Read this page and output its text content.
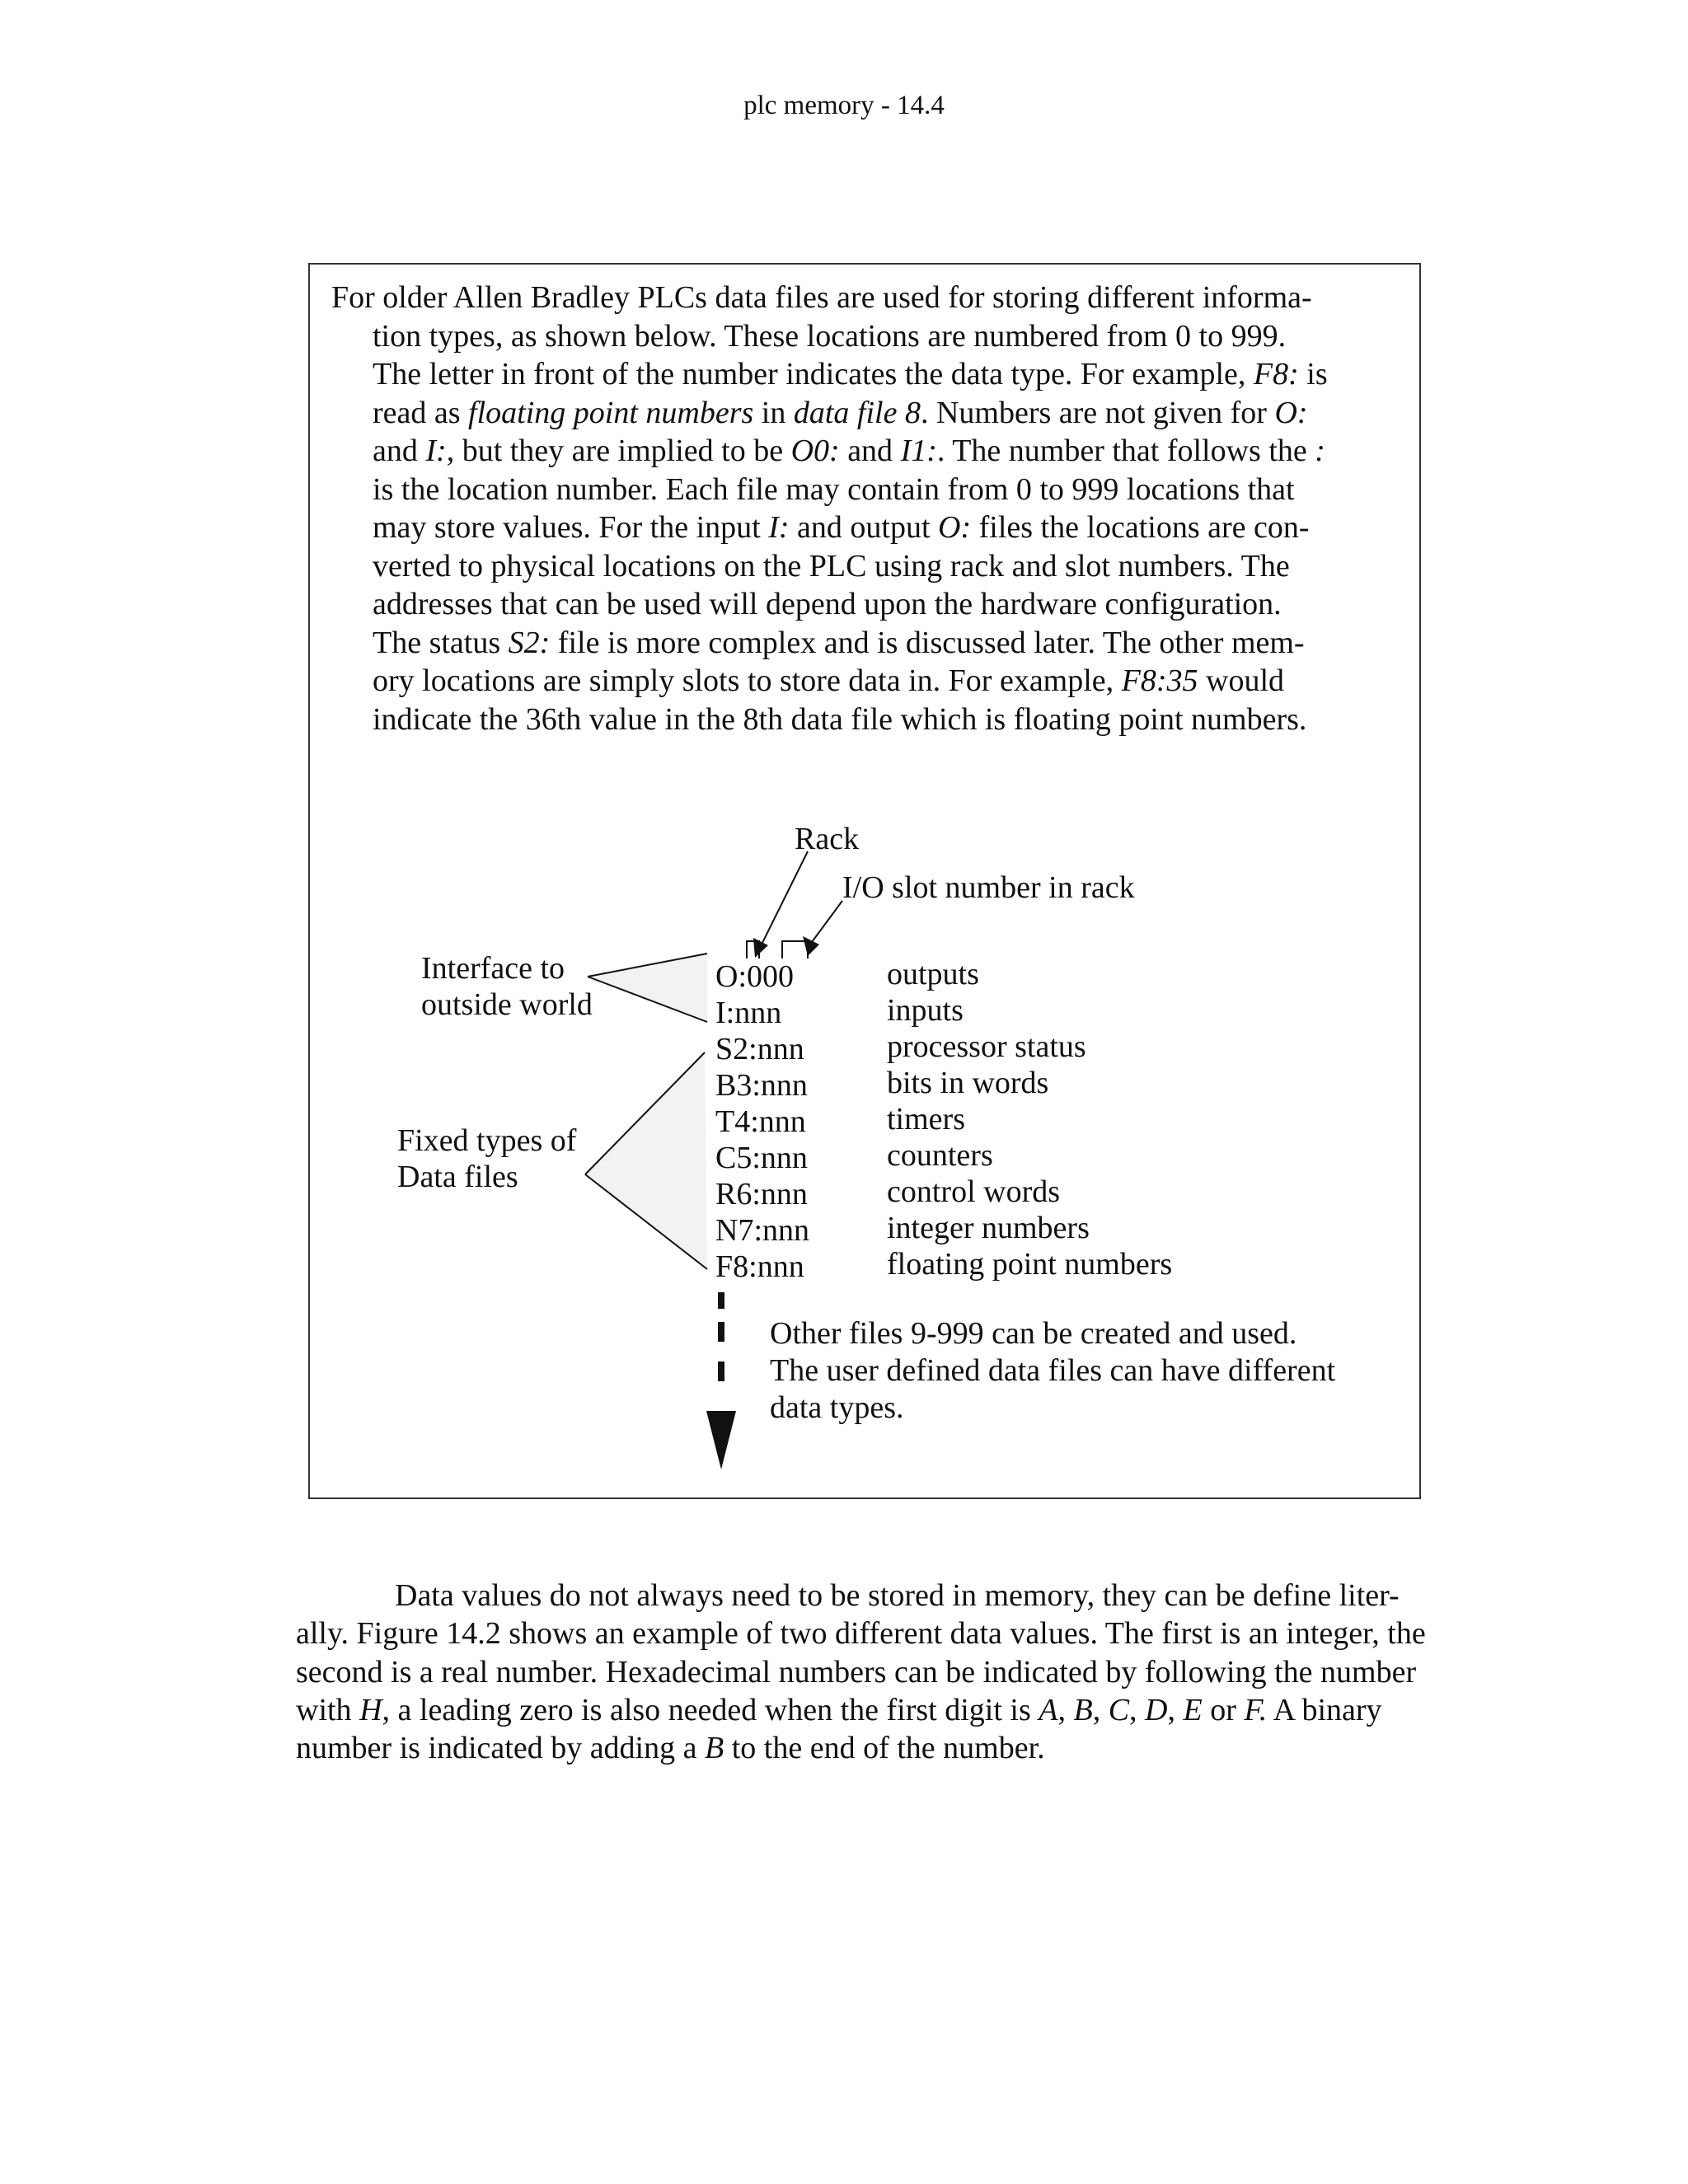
plc memory - 14.4
For older Allen Bradley PLCs data files are used for storing different informa-
tion types, as shown below. These locations are numbered from 0 to 999.
The letter in front of the number indicates the data type. For example, F8: is
read as floating point numbers in data file 8. Numbers are not given for O:
and I:, but they are implied to be O0: and I1:. The number that follows the :
is the location number. Each file may contain from 0 to 999 locations that
may store values. For the input I: and output O: files the locations are con-
verted to physical locations on the PLC using rack and slot numbers. The
addresses that can be used will depend upon the hardware configuration.
The status S2: file is more complex and is discussed later. The other mem-
ory locations are simply slots to store data in. For example, F8:35 would
indicate the 36th value in the 8th data file which is floating point numbers.
Rack
I/O slot number in rack
Interface to
outside world
Fixed types of
Data files
O:000
I:nnn
S2:nnn
B3:nnn
T4:nnn
C5:nnn
R6:nnn
N7:nnn
F8:nnn
outputs
inputs
processor status
bits in words
timers
counters
control words
integer numbers
floating point numbers
Other files 9-999 can be created and used.
The user defined data files can have different
data types.
Data values do not always need to be stored in memory, they can be define liter-
ally. Figure 14.2 shows an example of two different data values. The first is an integer, the
second is a real number. Hexadecimal numbers can be indicated by following the number
with H, a leading zero is also needed when the first digit is A, B, C, D, E or F. A binary
number is indicated by adding a B to the end of the number.
